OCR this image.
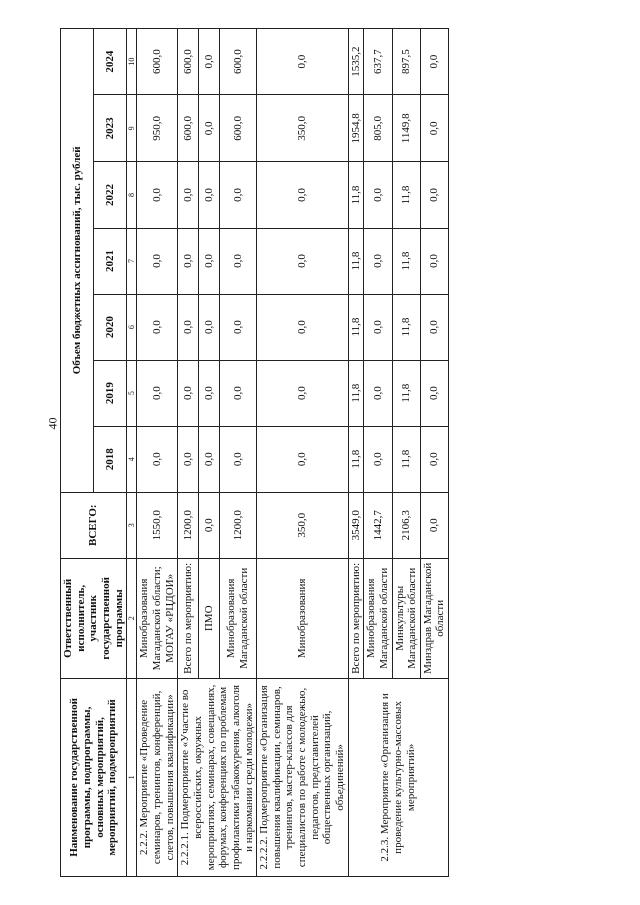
40
Наименование государственной программы, подпрограммы, основных мероприятий, мероприятий, подмероприятий	Ответственный исполнитель, участник государственной программы	ВСЕГО:	Объем бюджетных ассигнований, тыс. рублей						
			2018	2019	2020	2021	2022	2023	2024
1	2	3	4	5	6	7	8	9	10
2.2.2. Мероприятие «Проведение семинаров, тренингов, конференций, слетов, повышения квалификации»	Минобразования Магаданской области; МОГАУ «РЦДОИ»	1550,0	0,0	0,0	0,0	0,0	0,0	950,0	600,0
2.2.2.1. Подмероприятие «Участие во всероссийских, окружных мероприятиях, семинарах, совещаниях, форумах, конференциях по проблемам профилактики табакокурения, алкоголя и наркомании среди молодежи»	Всего по мероприятию:	1200,0	0,0	0,0	0,0	0,0	0,0	600,0	600,0
	ПМО	0,0	0,0	0,0	0,0	0,0	0,0	0,0	0,0
	Минобразования Магаданской области	1200,0	0,0	0,0	0,0	0,0	0,0	600,0	600,0
2.2.2.2. Подмероприятие «Организация повышения квалификации, семинаров, тренингов, мастер-классов для специалистов по работе с молодежью, педагогов, представителей общественных организаций, объединений»	Минобразования	350,0	0,0	0,0	0,0	0,0	0,0	350,0	0,0
2.2.3. Мероприятие «Организация и проведение культурно-массовых мероприятий»	Всего по мероприятию:	3549,0	11,8	11,8	11,8	11,8	11,8	1954,8	1535,2
	Минобразования Магаданской области	1442,7	0,0	0,0	0,0	0,0	0,0	805,0	637,7
	Минкультуры Магаданской области	2106,3	11,8	11,8	11,8	11,8	11,8	1149,8	897,5
	Минздрав Магаданской области	0,0	0,0	0,0	0,0	0,0	0,0	0,0	0,0
